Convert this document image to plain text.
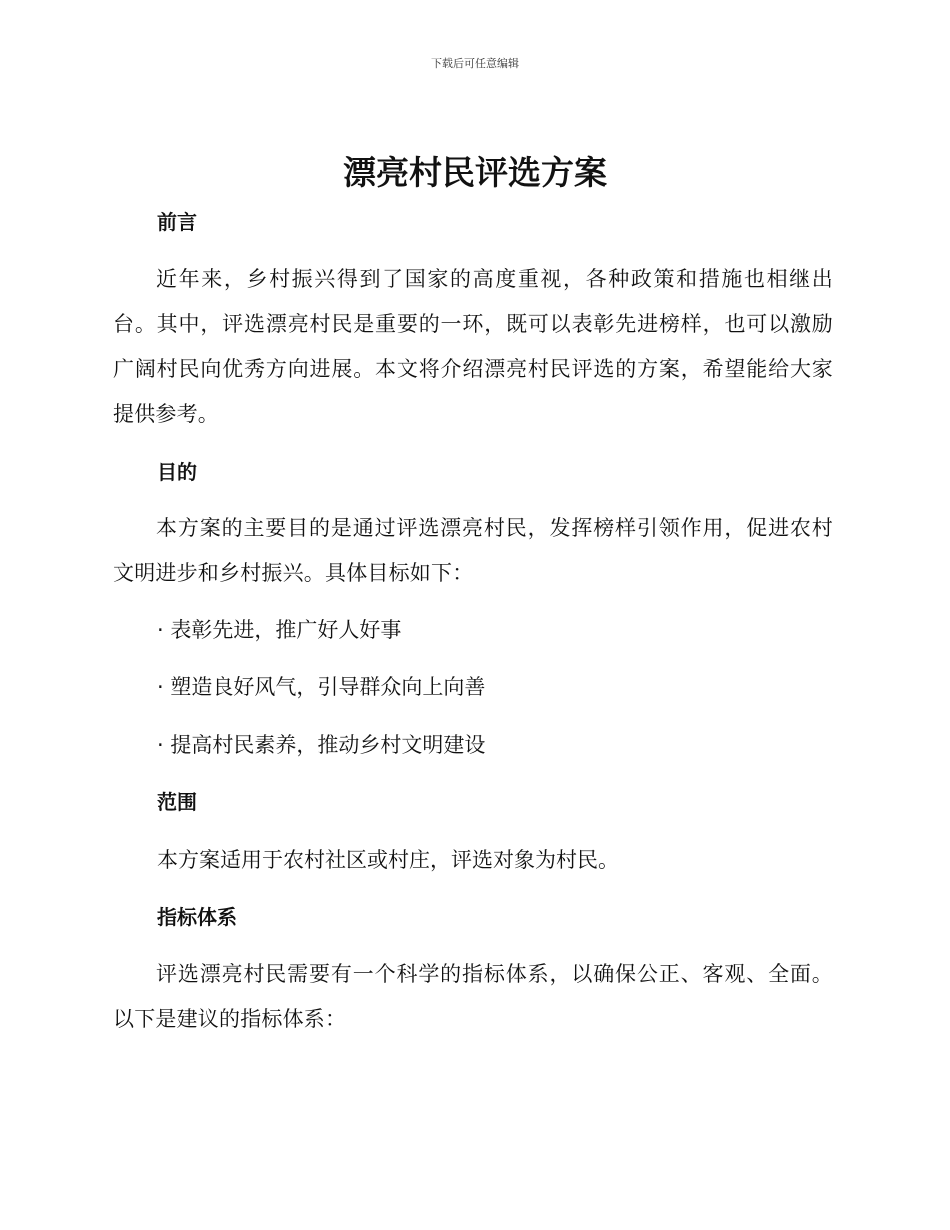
下载后可任意编辑
漂亮村民评选方案
前言
近年来，乡村振兴得到了国家的高度重视，各种政策和措施也相继出台。其中，评选漂亮村民是重要的一环，既可以表彰先进榜样，也可以激励广阔村民向优秀方向进展。本文将介绍漂亮村民评选的方案，希望能给大家提供参考。
目的
本方案的主要目的是通过评选漂亮村民，发挥榜样引领作用，促进农村文明进步和乡村振兴。具体目标如下：
· 表彰先进，推广好人好事
· 塑造良好风气，引导群众向上向善
· 提高村民素养，推动乡村文明建设
范围
本方案适用于农村社区或村庄，评选对象为村民。
指标体系
评选漂亮村民需要有一个科学的指标体系，以确保公正、客观、全面。以下是建议的指标体系：
